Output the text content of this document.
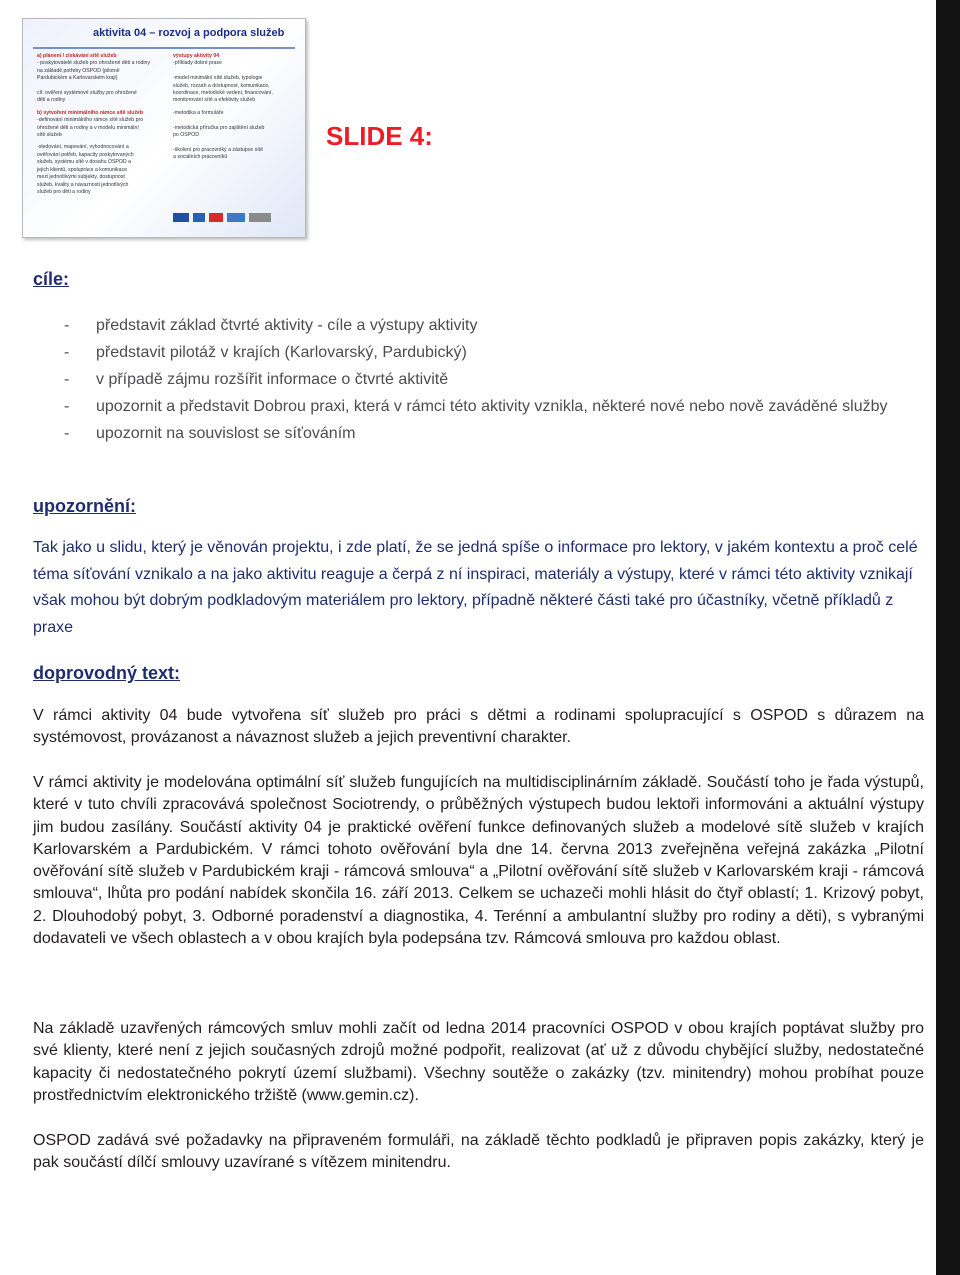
aktivita 04 – rozvoj a podpora služeb
a) plánení / ziskávání sítě služeb
- poskytovatelé služeb pro ohrožené děti a rodiny
na základě potřeby OSPOD (pilotně
Pardubickém a Karlovarském kraji)

cíl: ověření systémové služby pro ohrožené
děti a rodiny
b) vytvoření minimálního rámce sítě služeb
-definování minimálního rámce sítě služeb pro
ohrožené děti a rodiny a v modelu minimální
sítě služeb
-sledování, mapování, vyhodnocování a
ověřování potřeb, kapacity poskytovaných
služeb, systému sítě v dosahu OSPOD a
jejich klientů, spolupráce a komunikace
mezi jednotlivými subjekty, dostupnost
služeb, kvality a návaznosti jednotlivých
služeb pro děti a rodiny
výstupy aktivity 04
-příklady dobré praxe

-model minimální sítě služeb, typologie
služeb, rozsah a dostupnost, komunikace,
koordinace, metodické vedení, financování,
monitorování sítě a efektivity služeb
-metodika a formuláře

-metodická příručka pro zajištění služeb
po OSPOD

-školení pro pracovníky a zástupce sítě
a sociálních pracovníků
SLIDE 4:
cíle:
- představit základ čtvrté aktivity - cíle a výstupy aktivity
- představit pilotáž v krajích (Karlovarský, Pardubický)
- v případě zájmu rozšířit informace o čtvrté aktivitě
- upozornit a představit Dobrou praxi, která v rámci této aktivity vznikla, některé nové nebo nově zaváděné služby
- upozornit na souvislost se síťováním
upozornění:

Tak jako u slidu, který je věnován projektu, i zde platí, že se jedná spíše o informace pro lektory, v jakém kontextu a proč celé téma síťování vznikalo a na jako aktivitu reaguje a čerpá z ní inspiraci, materiály a výstupy, které v rámci této aktivity vznikají však mohou být dobrým podkladovým materiálem pro lektory, případně některé části také pro účastníky, včetně příkladů z praxe

doprovodný text:

V rámci aktivity 04 bude vytvořena síť služeb pro práci s dětmi a rodinami spolupracující s OSPOD s důrazem na systémovost, provázanost a návaznost služeb a jejich preventivní charakter.

V rámci aktivity je modelována optimální síť služeb fungujících na multidisciplinárním základě. Součástí toho je řada výstupů, které v tuto chvíli zpracovává společnost Sociotrendy, o průběžných výstupech budou lektoři informováni a aktuální výstupy jim budou zasílány. Součástí aktivity 04 je praktické ověření funkce definovaných služeb a modelové sítě služeb v krajích Karlovarském a Pardubickém. V rámci tohoto ověřování byla dne 14. června 2013 zveřejněna veřejná zakázka „Pilotní ověřování sítě služeb v Pardubickém kraji - rámcová smlouva“ a „Pilotní ověřování sítě služeb v Karlovarském kraji - rámcová smlouva“, lhůta pro podání nabídek skončila 16. září 2013. Celkem se uchazeči mohli hlásit do čtyř oblastí; 1. Krizový pobyt, 2. Dlouhodobý pobyt, 3. Odborné poradenství a diagnostika, 4. Terénní a ambulantní služby pro rodiny a děti), s vybranými dodavateli ve všech oblastech a v obou krajích byla podepsána tzv. Rámcová smlouva pro každou oblast.

Na základě uzavřených rámcových smluv mohli začít od ledna 2014 pracovníci OSPOD v obou krajích poptávat služby pro své klienty, které není z jejich současných zdrojů možné podpořit, realizovat (ať už z důvodu chybějící služby, nedostatečné kapacity či nedostatečného pokrytí území službami). Všechny soutěže o zakázky (tzv. minitendry) mohou probíhat pouze prostřednictvím elektronického tržiště (www.gemin.cz).

OSPOD zadává své požadavky na připraveném formuláři, na základě těchto podkladů je připraven popis zakázky, který je pak součástí dílčí smlouvy uzavírané s vítězem minitendru.
